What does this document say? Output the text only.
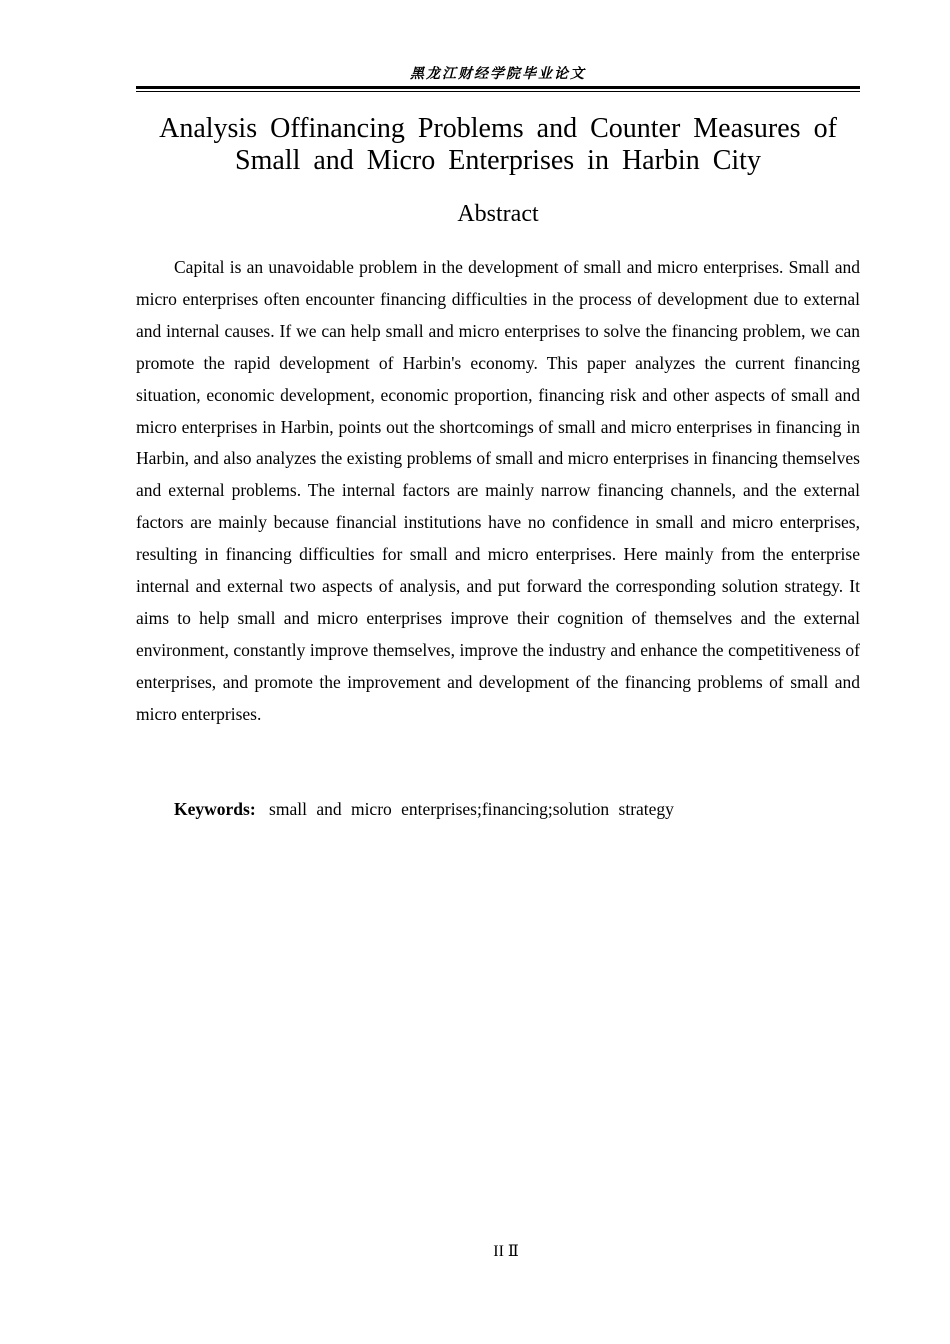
黑龙江财经学院毕业论文
Analysis Offinancing Problems and Counter Measures of
Small and Micro Enterprises in Harbin City
Abstract

Capital is an unavoidable problem in the development of small and micro enterprises. Small and micro enterprises often encounter financing difficulties in the process of development due to external and internal causes. If we can help small and micro enterprises to solve the financing problem, we can promote the rapid development of Harbin's economy. This paper analyzes the current financing situation, economic development, economic proportion, financing risk and other aspects of small and micro enterprises in Harbin, points out the shortcomings of small and micro enterprises in financing in Harbin, and also analyzes the existing problems of small and micro enterprises in financing themselves and external problems. The internal factors are mainly narrow financing channels, and the external factors are mainly because financial institutions have no confidence in small and micro enterprises, resulting in financing difficulties for small and micro enterprises. Here mainly from the enterprise internal and external two aspects of analysis, and put forward the corresponding solution strategy. It aims to help small and micro enterprises improve their cognition of themselves and the external environment, constantly improve themselves, improve the industry and enhance the competitiveness of enterprises, and promote the improvement and development of the financing problems of small and micro enterprises.

Keywords: small and micro enterprises;financing;solution strategy

II Ⅱ
